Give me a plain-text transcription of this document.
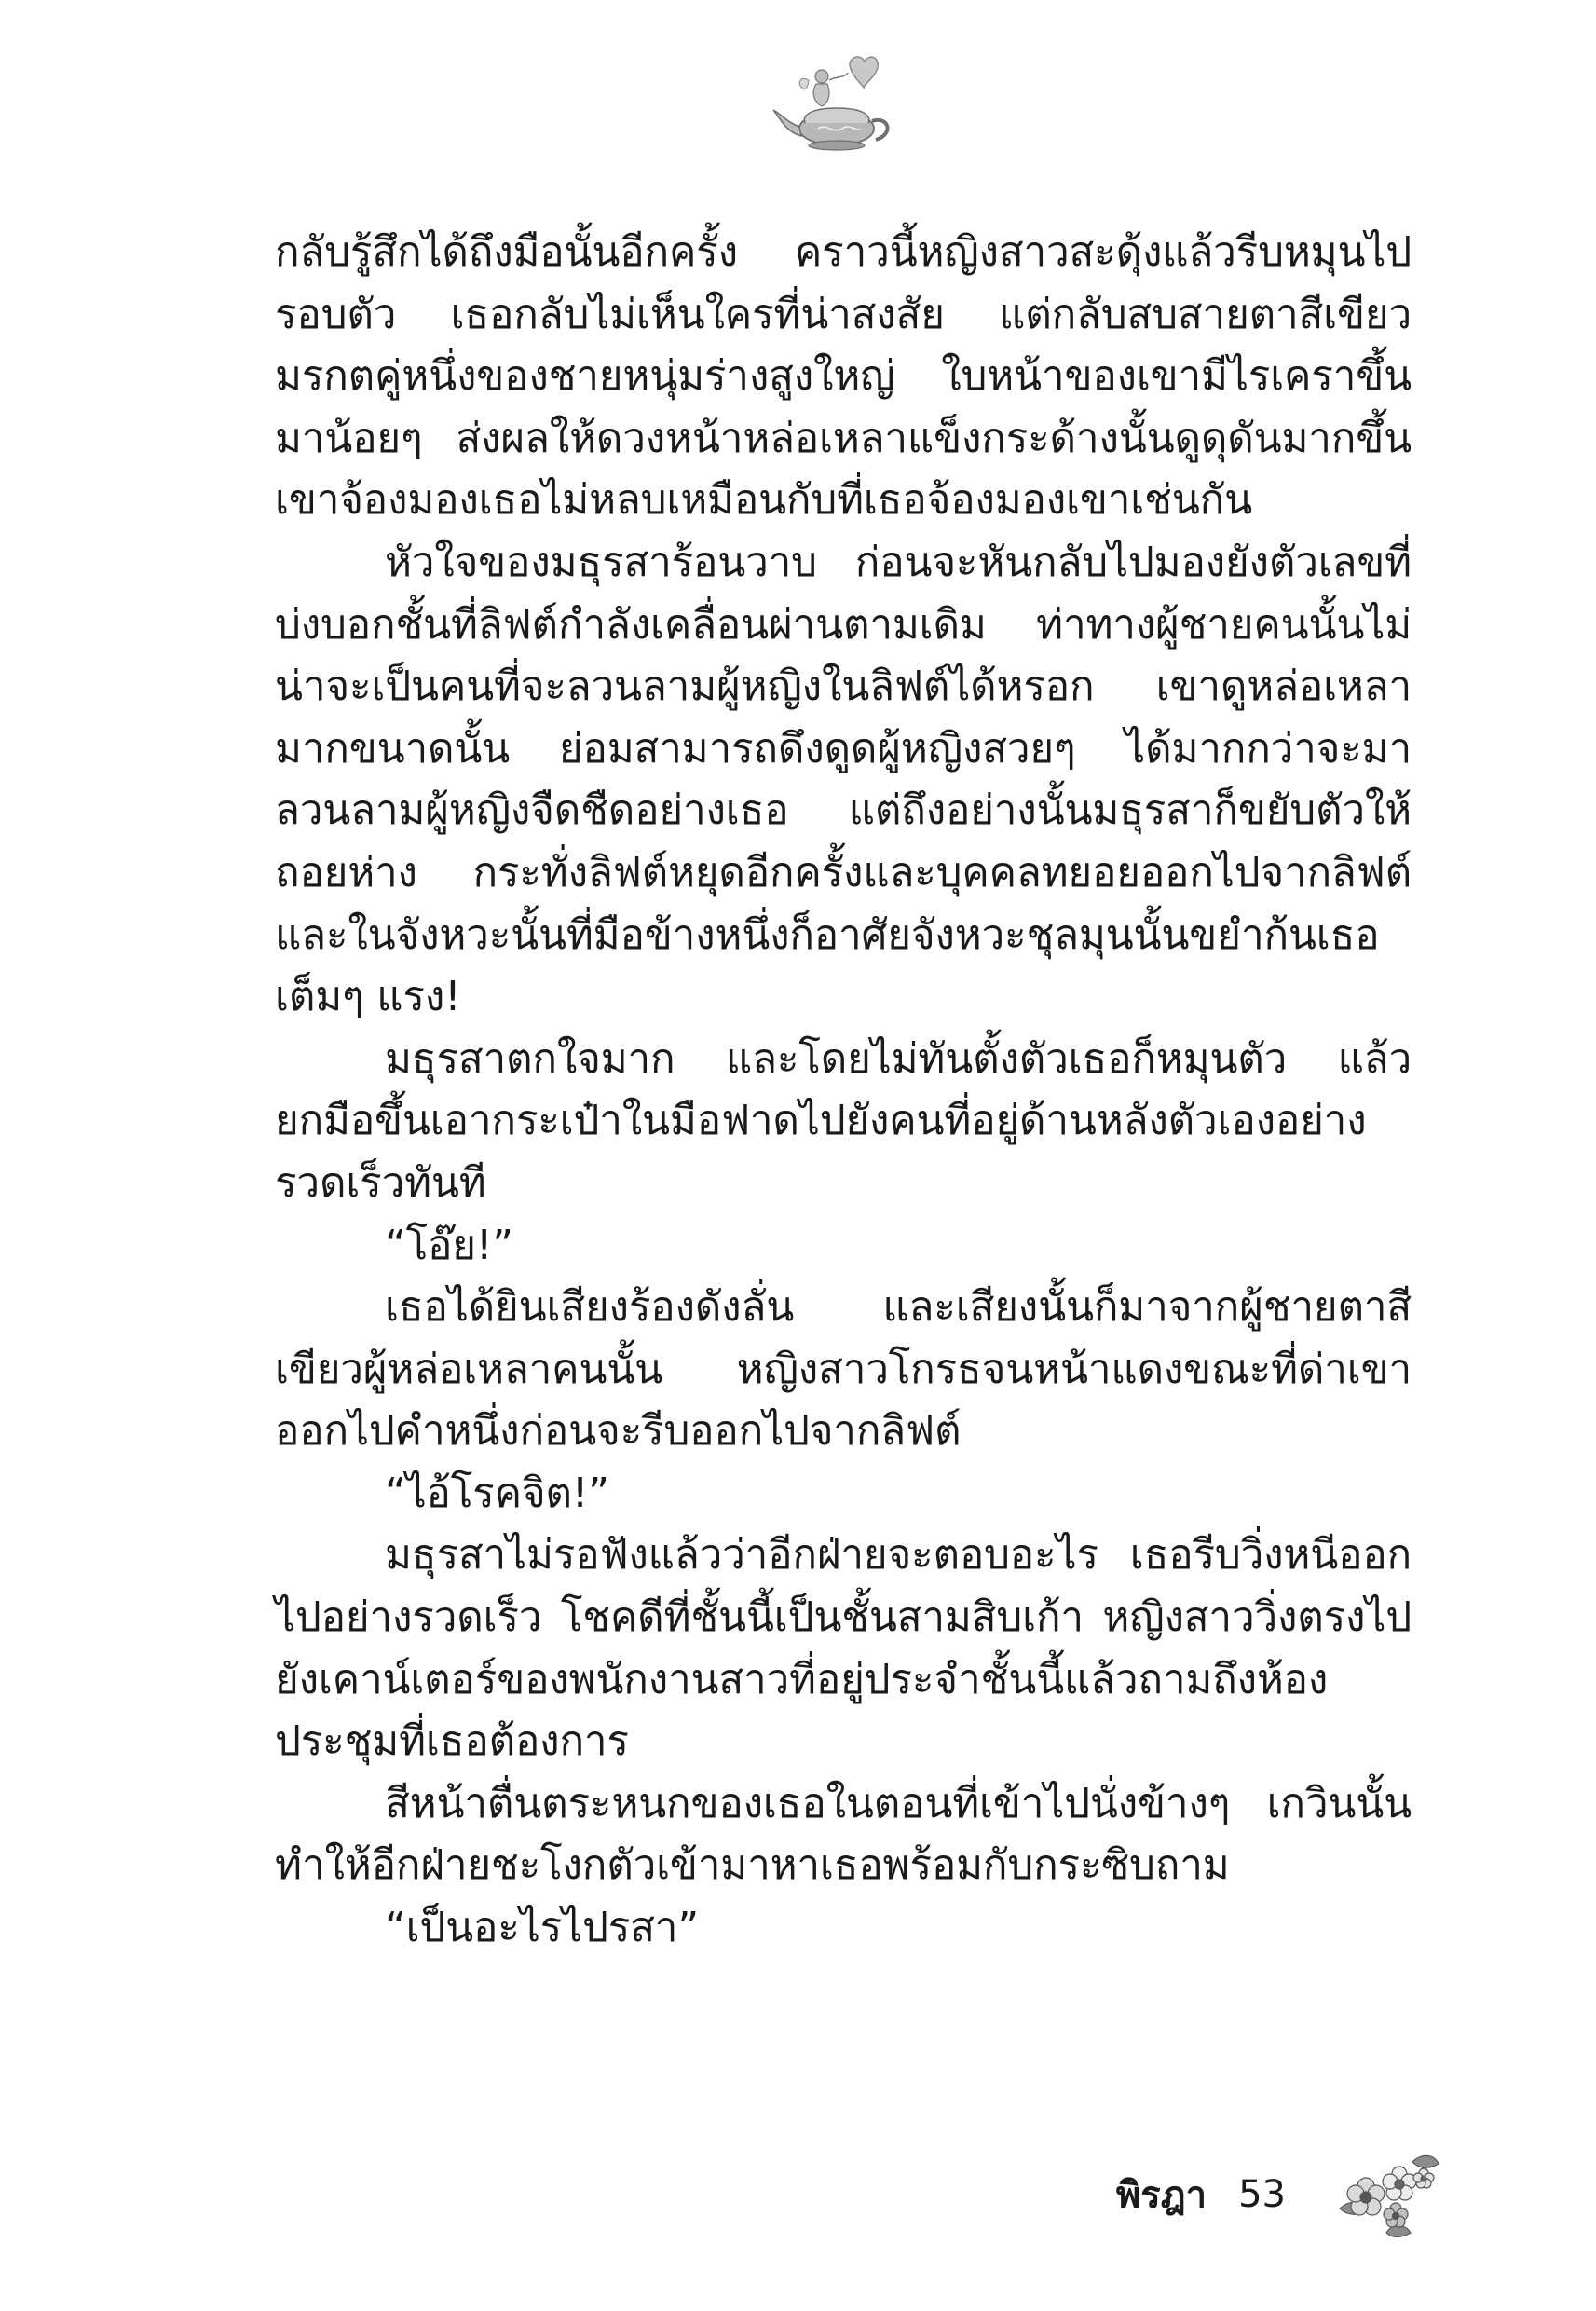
กลับรู้สึกได้ถึงมือนั้นอีกครั้ง คราวนี้หญิงสาวสะดุ้งแล้วรีบหมุนไปรอบตัว เธอกลับไม่เห็นใครที่น่าสงสัย แต่กลับสบสายตาสีเขียวมรกตคู่หนึ่งของชายหนุ่มร่างสูงใหญ่ ใบหน้าของเขามีไรเคราขึ้นมาน้อยๆ ส่งผลให้ดวงหน้าหล่อเหลาแข็งกระด้างนั้นดูดุดันมากขึ้น เขาจ้องมองเธอไม่หลบเหมือนกับที่เธอจ้องมองเขาเช่นกัน

หัวใจของมธุรสาร้อนวาบ ก่อนจะหันกลับไปมองยังตัวเลขที่บ่งบอกชั้นที่ลิฟต์กำลังเคลื่อนผ่านตามเดิม ท่าทางผู้ชายคนนั้นไม่น่าจะเป็นคนที่จะลวนลามผู้หญิงในลิฟต์ได้หรอก เขาดูหล่อเหลามากขนาดนั้น ย่อมสามารถดึงดูดผู้หญิงสวยๆ ได้มากกว่าจะมาลวนลามผู้หญิงจืดชืดอย่างเธอ แต่ถึงอย่างนั้นมธุรสาก็ขยับตัวให้ถอยห่าง กระทั่งลิฟต์หยุดอีกครั้งและบุคคลทยอยออกไปจากลิฟต์ และในจังหวะนั้นที่มือข้างหนึ่งก็อาศัยจังหวะชุลมุนนั้นขยำก้นเธอเต็มๆ แรง!

มธุรสาตกใจมาก และโดยไม่ทันตั้งตัวเธอก็หมุนตัว แล้วยกมือขึ้นเอากระเป๋าในมือฟาดไปยังคนที่อยู่ด้านหลังตัวเองอย่างรวดเร็วทันที

“โอ๊ย!”

เธอได้ยินเสียงร้องดังลั่น และเสียงนั้นก็มาจากผู้ชายตาสีเขียวผู้หล่อเหลาคนนั้น หญิงสาวโกรธจนหน้าแดงขณะที่ด่าเขาออกไปคำหนึ่งก่อนจะรีบออกไปจากลิฟต์

“ไอ้โรคจิต!”

มธุรสาไม่รอฟังแล้วว่าอีกฝ่ายจะตอบอะไร เธอรีบวิ่งหนีออกไปอย่างรวดเร็ว โชคดีที่ชั้นนี้เป็นชั้นสามสิบเก้า หญิงสาววิ่งตรงไปยังเคาน์เตอร์ของพนักงานสาวที่อยู่ประจำชั้นนี้แล้วถามถึงห้องประชุมที่เธอต้องการ

สีหน้าตื่นตระหนกของเธอในตอนที่เข้าไปนั่งข้างๆ เกวินนั้นทำให้อีกฝ่ายชะโงกตัวเข้ามาหาเธอพร้อมกับกระซิบถาม

“เป็นอะไรไปรสา”

พิรฎา 53
